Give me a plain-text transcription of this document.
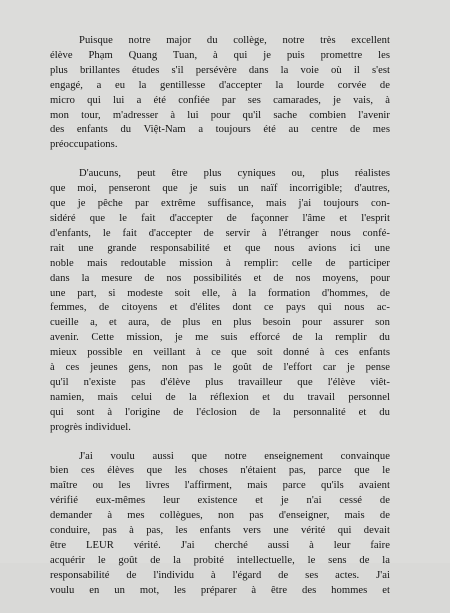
Puisque notre major du collège, notre très excellent
élève Phạm Quang Tuan, à qui je puis promettre les
plus brillantes études s'il persévère dans la voie où il s'est
engagé, a eu la gentillesse d'accepter la lourde corvée de
micro qui lui a été confiée par ses camarades, je vais, à
mon tour, m'adresser à lui pour qu'il sache combien l'avenir
des enfants du Việt-Nam a toujours été au centre de mes
préoccupations.
D'aucuns, peut être plus cyniques ou, plus réalistes
que moi, penseront que je suis un naïf incorrigible; d'autres,
que je pêche par extrême suffisance, mais j'ai toujours con-
sidéré que le fait d'accepter de façonner l'âme et l'esprit
d'enfants, le fait d'accepter de servir à l'étranger nous confé-
rait une grande responsabilité et que nous avions ici une
noble mais redoutable mission à remplir: celle de participer
dans la mesure de nos possibilités et de nos moyens, pour
une part, si modeste soit elle, à la formation d'hommes, de
femmes, de citoyens et d'élites dont ce pays qui nous ac-
cueille a, et aura, de plus en plus besoin pour assurer son
avenir. Cette mission, je me suis efforcé de la remplir du
mieux possible en veillant à ce que soit donné à ces enfants
à ces jeunes gens, non pas le goût de l'effort car je pense
qu'il n'existe pas d'élève plus travailleur que l'élève viêt-
namien, mais celui de la réflexion et du travail personnel
qui sont à l'origine de l'éclosion de la personnalité et du
progrès individuel.
J'ai voulu aussi que notre enseignement convainque
bien ces élèves que les choses n'étaient pas, parce que le
maître ou les livres l'affirment, mais parce qu'ils avaient
vérifié eux-mêmes leur existence et je n'ai cessé de
demander à mes collègues, non pas d'enseigner, mais de
conduire, pas à pas, les enfants vers une vérité qui devait
être LEUR vérité. J'ai cherché aussi à leur faire
acquérir le goût de la probité intellectuelle, le sens de la
responsabilité de l'individu à l'égard de ses actes. J'ai
voulu en un mot, les préparer à être des hommes et
